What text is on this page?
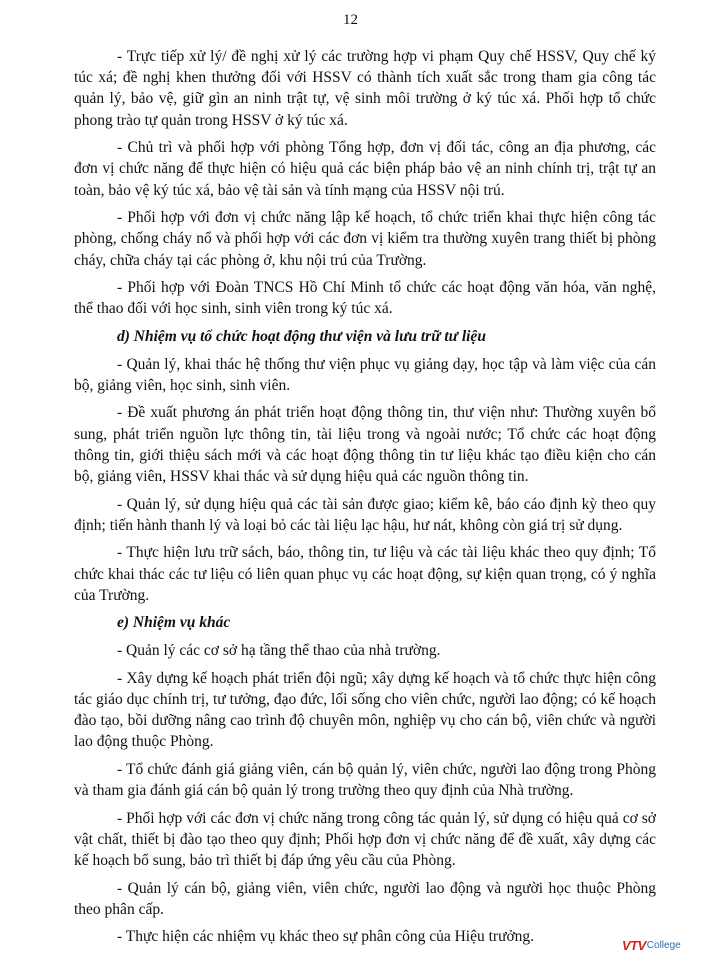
12

- Trực tiếp xử lý/ đề nghị xử lý các trường hợp vi phạm Quy chế HSSV, Quy chế ký túc xá; đề nghị khen thưởng đối với HSSV có thành tích xuất sắc trong tham gia công tác quản lý, bảo vệ, giữ gìn an ninh trật tự, vệ sinh môi trường ở ký túc xá. Phối hợp tổ chức phong trào tự quản trong HSSV ở ký túc xá.

- Chủ trì và phối hợp với phòng Tổng hợp, đơn vị đối tác, công an địa phương, các đơn vị chức năng để thực hiện có hiệu quả các biện pháp bảo vệ an ninh chính trị, trật tự an toàn, bảo vệ ký túc xá, bảo vệ tài sản và tính mạng của HSSV nội trú.

- Phối hợp với đơn vị chức năng lập kế hoạch, tổ chức triển khai thực hiện công tác phòng, chống cháy nổ và phối hợp với các đơn vị kiểm tra thường xuyên trang thiết bị phòng cháy, chữa cháy tại các phòng ở, khu nội trú của Trường.

- Phối hợp với Đoàn TNCS Hồ Chí Minh tổ chức các hoạt động văn hóa, văn nghệ, thể thao đối với học sinh, sinh viên trong ký túc xá.

d) Nhiệm vụ tổ chức hoạt động thư viện và lưu trữ tư liệu

- Quản lý, khai thác hệ thống thư viện phục vụ giảng dạy, học tập và làm việc của cán bộ, giảng viên, học sinh, sinh viên.

- Đề xuất phương án phát triển hoạt động thông tin, thư viện như: Thường xuyên bổ sung, phát triển nguồn lực thông tin, tài liệu trong và ngoài nước; Tổ chức các hoạt động thông tin, giới thiệu sách mới và các hoạt động thông tin tư liệu khác tạo điều kiện cho cán bộ, giảng viên, HSSV khai thác và sử dụng hiệu quả các nguồn thông tin.

- Quản lý, sử dụng hiệu quả các tài sản được giao; kiểm kê, báo cáo định kỳ theo quy định; tiến hành thanh lý và loại bỏ các tài liệu lạc hậu, hư nát, không còn giá trị sử dụng.

- Thực hiện lưu trữ sách, báo, thông tin, tư liệu và các tài liệu khác theo quy định; Tổ chức khai thác các tư liệu có liên quan phục vụ các hoạt động, sự kiện quan trọng, có ý nghĩa của Trường.

e) Nhiệm vụ khác

- Quản lý các cơ sở hạ tầng thể thao của nhà trường.

- Xây dựng kế hoạch phát triển đội ngũ; xây dựng kế hoạch và tổ chức thực hiện công tác giáo dục chính trị, tư tưởng, đạo đức, lối sống cho viên chức, người lao động; có kế hoạch đào tạo, bồi dưỡng nâng cao trình độ chuyên môn, nghiệp vụ cho cán bộ, viên chức và người lao động thuộc Phòng.

- Tổ chức đánh giá giảng viên, cán bộ quản lý, viên chức, người lao động trong Phòng và tham gia đánh giá cán bộ quản lý trong trường theo quy định của Nhà trường.

- Phối hợp với các đơn vị chức năng trong công tác quản lý, sử dụng có hiệu quả cơ sở vật chất, thiết bị đào tạo theo quy định; Phối hợp đơn vị chức năng để đề xuất, xây dựng các kế hoạch bổ sung, bảo trì thiết bị đáp ứng yêu cầu của Phòng.

- Quản lý cán bộ, giảng viên, viên chức, người lao động và người học thuộc Phòng theo phân cấp.

- Thực hiện các nhiệm vụ khác theo sự phân công của Hiệu trưởng.	VTV College
